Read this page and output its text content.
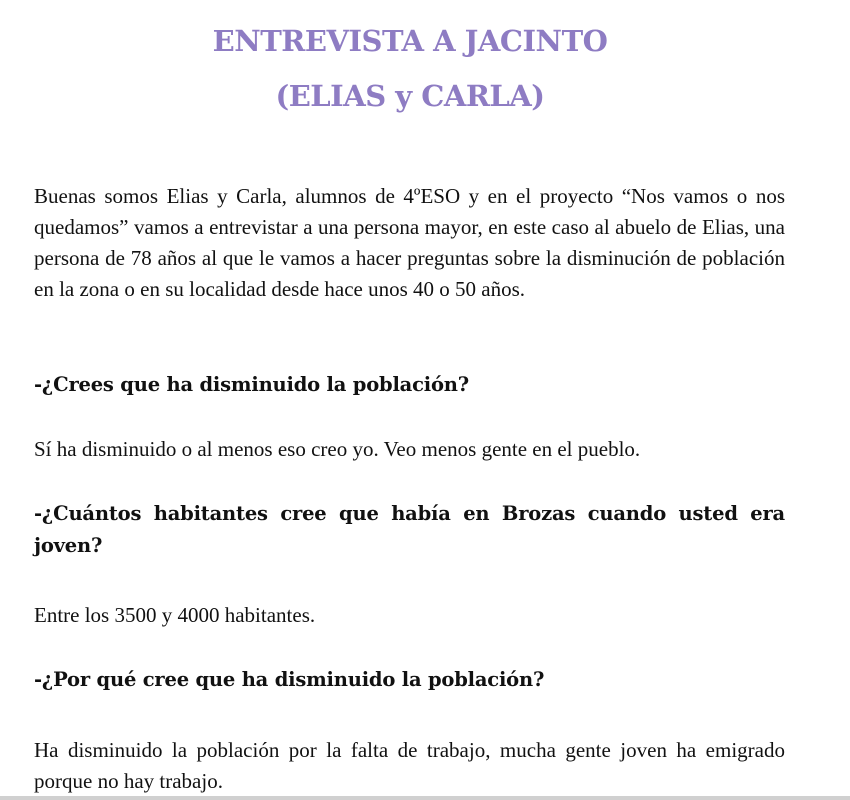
ENTREVISTA A JACINTO
(ELIAS y CARLA)

Buenas somos Elias y Carla, alumnos de 4ºESO y en el proyecto “Nos vamos o nos quedamos” vamos a entrevistar a una persona mayor, en este caso al abuelo de Elias, una persona de 78 años al que le vamos a hacer preguntas sobre la disminución de población en la zona o en su localidad desde hace unos 40 o 50 años.

-¿Crees que ha disminuido la población?

Sí ha disminuido o al menos eso creo yo. Veo menos gente en el pueblo.

-¿Cuántos habitantes cree que había en Brozas cuando usted era joven?

Entre los 3500 y 4000 habitantes.

-¿Por qué cree que ha disminuido la población?

Ha disminuido la población por la falta de trabajo, mucha gente joven ha emigrado porque no hay trabajo.
